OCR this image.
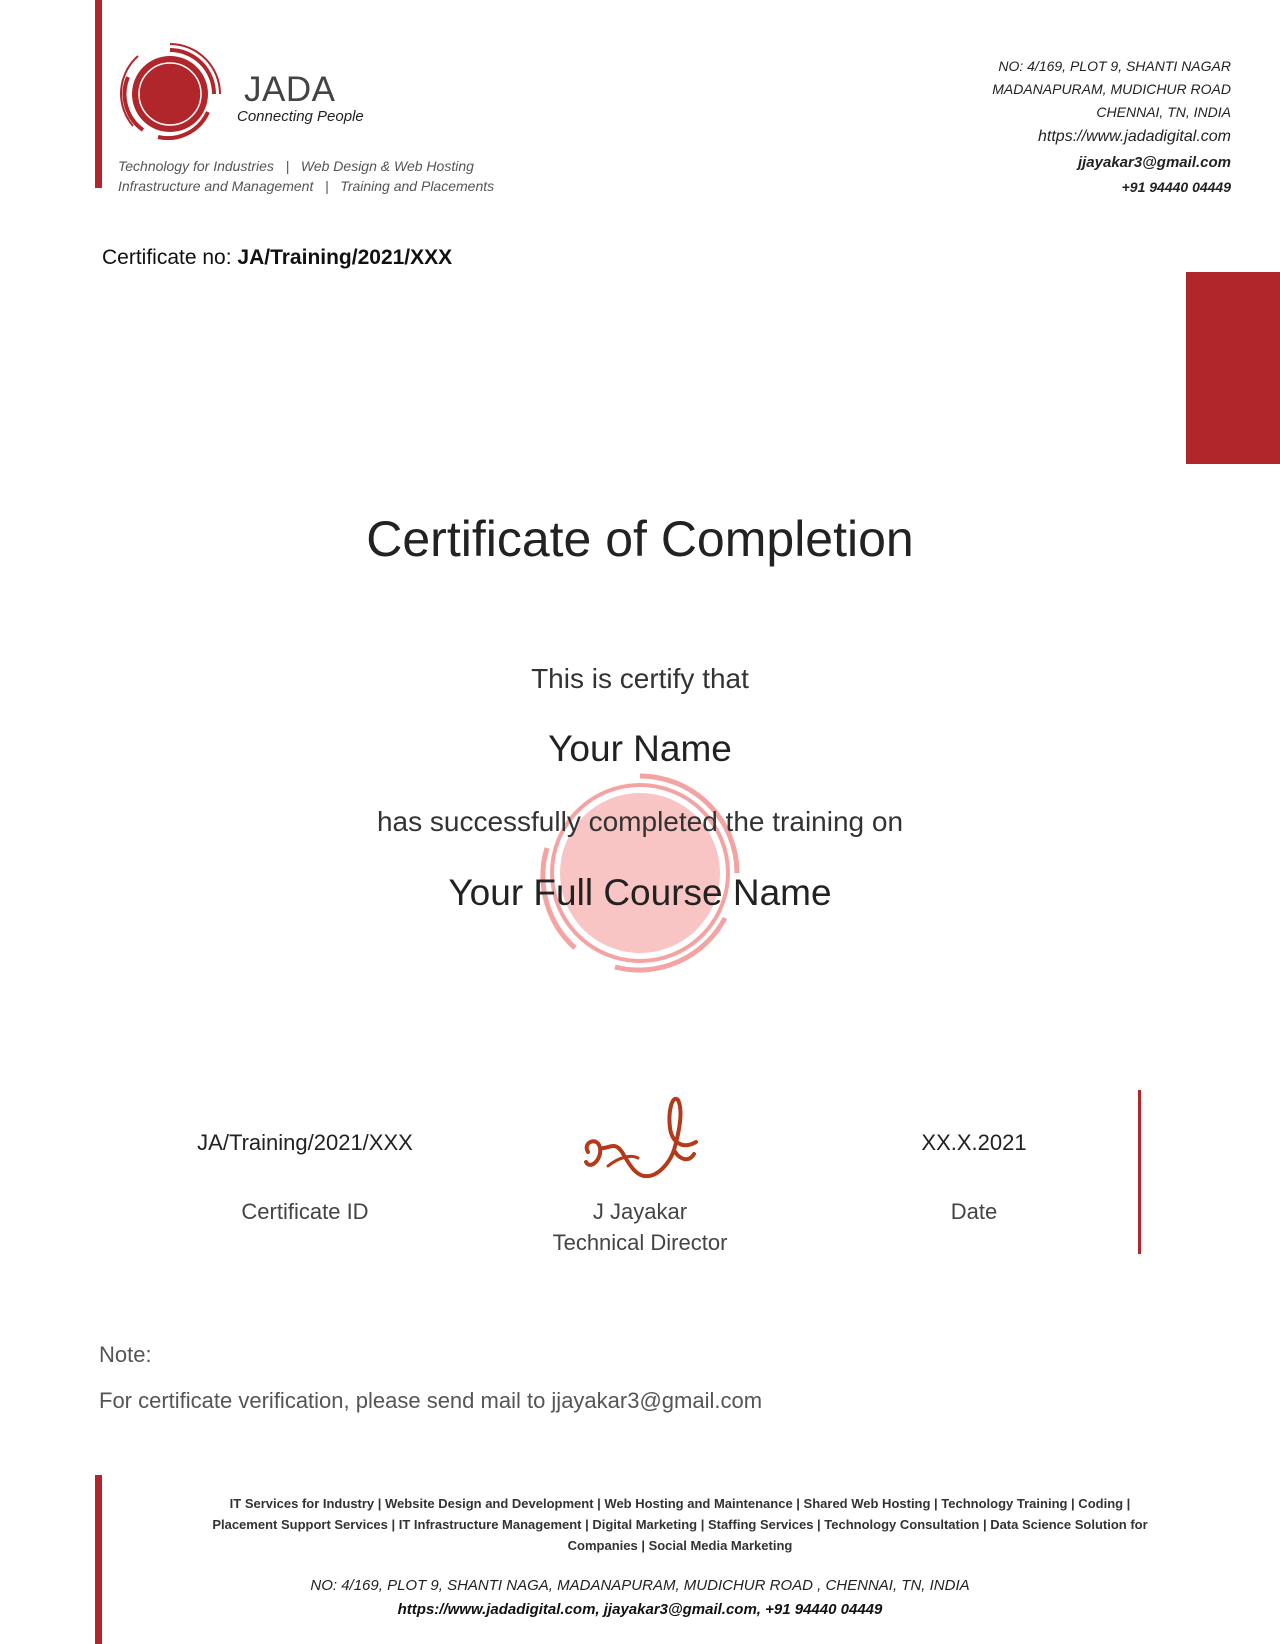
JADA
Connecting People
Technology for Industries   |   Web Design & Web Hosting
Infrastructure and Management   |   Training and Placements
NO: 4/169, PLOT 9, SHANTI NAGAR
MADANAPURAM, MUDICHUR ROAD
CHENNAI, TN, INDIA
https://www.jadadigital.com
jjayakar3@gmail.com
+91 94440 04449
Certificate no: JA/Training/2021/XXX
Certificate of Completion
This is certify that
Your Name
has successfully completed the training on
Your Full Course Name
JA/Training/2021/XXX
Certificate ID	J Jayakar
Technical Director
XX.X.2021
Date
Note:
For certificate verification, please send mail to jjayakar3@gmail.com
IT Services for Industry | Website Design and Development | Web Hosting and Maintenance | Shared Web Hosting | Technology Training | Coding |
Placement Support Services | IT Infrastructure Management | Digital Marketing | Staffing Services | Technology Consultation | Data Science Solution for
Companies | Social Media Marketing
NO: 4/169, PLOT 9, SHANTI NAGA, MADANAPURAM, MUDICHUR ROAD , CHENNAI, TN, INDIA
https://www.jadadigital.com, jjayakar3@gmail.com, +91 94440 04449
